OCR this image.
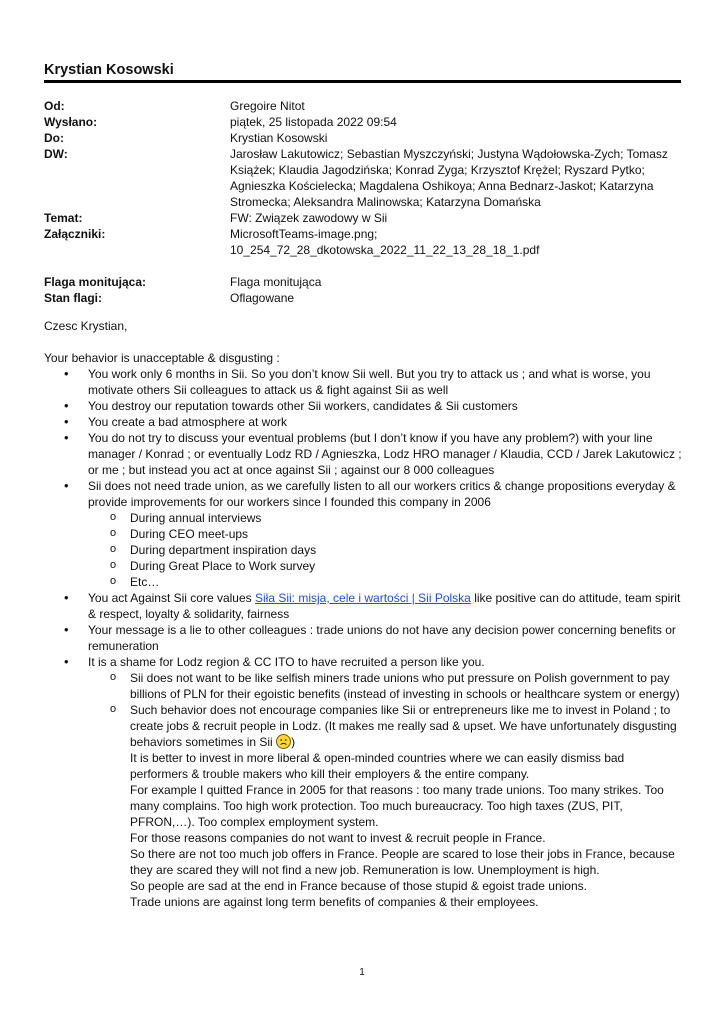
Krystian Kosowski
Od:	Gregoire Nitot
Wysłano:	piątek, 25 listopada 2022 09:54
Do:	Krystian Kosowski
DW:	Jarosław Lakutowicz; Sebastian Myszczyński; Justyna Wądołowska-Zych; Tomasz Książek; Klaudia Jagodzińska; Konrad Zyga; Krzysztof Krężel; Ryszard Pytko; Agnieszka Kościelecka; Magdalena Oshikoya; Anna Bednarz-Jaskot; Katarzyna Stromecka; Aleksandra Malinowska; Katarzyna Domańska
Temat:	FW: Związek zawodowy w Sii
Załączniki:	MicrosoftTeams-image.png; 10_254_72_28_dkotowska_2022_11_22_13_28_18_1.pdf
Flaga monitująca:	Flaga monitująca
Stan flagi:	Oflagowane

Czesc Krystian,

Your behavior is unacceptable & disgusting :

• You work only 6 months in Sii. So you don’t know Sii well. But you try to attack us ; and what is worse, you motivate others Sii colleagues to attack us & fight against Sii as well
• You destroy our reputation towards other Sii workers, candidates & Sii customers
• You create a bad atmosphere at work
• You do not try to discuss your eventual problems (but I don’t know if you have any problem?) with your line manager / Konrad ; or eventually Lodz RD / Agnieszka, Lodz HRO manager / Klaudia, CCD / Jarek Lakutowicz ; or me ; but instead you act at once against Sii ; against our 8 000 colleagues
• Sii does not need trade union, as we carefully listen to all our workers critics & change propositions everyday & provide improvements for our workers since I founded this company in 2006
o During annual interviews
o During CEO meet-ups
o During department inspiration days
o During Great Place to Work survey
o Etc…
• You act Against Sii core values Siła Sii: misja, cele i wartości | Sii Polska like positive can do attitude, team spirit & respect, loyalty & solidarity, fairness
• Your message is a lie to other colleagues : trade unions do not have any decision power concerning benefits or remuneration
• It is a shame for Lodz region & CC ITO to have recruited a person like you.
o Sii does not want to be like selfish miners trade unions who put pressure on Polish government to pay billions of PLN for their egoistic benefits (instead of investing in schools or healthcare system or energy)
o Such behavior does not encourage companies like Sii or entrepreneurs like me to invest in Poland ; to create jobs & recruit people in Lodz. (It makes me really sad & upset. We have unfortunately disgusting behaviors sometimes in Sii )

It is better to invest in more liberal & open-minded countries where we can easily dismiss bad performers & trouble makers who kill their employers & the entire company.

For example I quitted France in 2005 for that reasons : too many trade unions. Too many strikes. Too many complains. Too high work protection. Too much bureaucracy. Too high taxes (ZUS, PIT, PFRON,…). Too complex employment system.

For those reasons companies do not want to invest & recruit people in France.

So there are not too much job offers in France. People are scared to lose their jobs in France, because they are scared they will not find a new job. Remuneration is low. Unemployment is high.

So people are sad at the end in France because of those stupid & egoist trade unions.

Trade unions are against long term benefits of companies & their employees.

1
